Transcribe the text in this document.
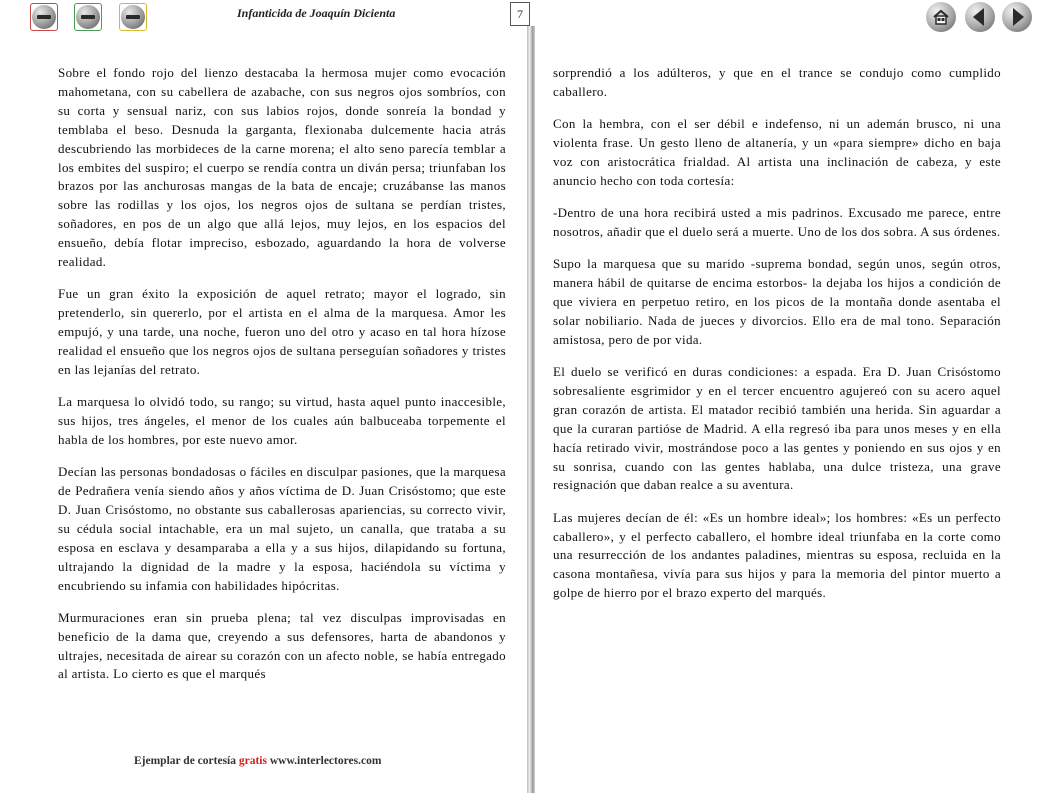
Infanticida de Joaquín Dicienta	7

Sobre el fondo rojo del lienzo destacaba la hermosa mujer como evocación mahometana, con su cabellera de azabache, con sus negros ojos sombríos, con su corta y sensual nariz, con sus labios rojos, donde sonreía la bondad y temblaba el beso. Desnuda la garganta, flexionaba dulcemente hacia atrás descubriendo las morbideces de la carne morena; el alto seno parecía temblar a los embites del suspiro; el cuerpo se rendía contra un diván persa; triunfaban los brazos por las anchurosas mangas de la bata de encaje; cruzábanse las manos sobre las rodillas y los ojos, los negros ojos de sultana se perdían tristes, soñadores, en pos de un algo que allá lejos, muy lejos, en los espacios del ensueño, debía flotar impreciso, esbozado, aguardando la hora de volverse realidad.

Fue un gran éxito la exposición de aquel retrato; mayor el logrado, sin pretenderlo, sin quererlo, por el artista en el alma de la marquesa. Amor les empujó, y una tarde, una noche, fueron uno del otro y acaso en tal hora hízose realidad el ensueño que los negros ojos de sultana perseguían soñadores y tristes en las lejanías del retrato.

La marquesa lo olvidó todo, su rango; su virtud, hasta aquel punto inaccesible, sus hijos, tres ángeles, el menor de los cuales aún balbuceaba torpemente el habla de los hombres, por este nuevo amor.

Decían las personas bondadosas o fáciles en disculpar pasiones, que la marquesa de Pedrañera venía siendo años y años víctima de D. Juan Crisóstomo; que este D. Juan Crisóstomo, no obstante sus caballerosas apariencias, su correcto vivir, su cédula social intachable, era un mal sujeto, un canalla, que trataba a su esposa en esclava y desamparaba a ella y a sus hijos, dilapidando su fortuna, ultrajando la dignidad de la madre y la esposa, haciéndola su víctima y encubriendo su infamia con habilidades hipócritas.

Murmuraciones eran sin prueba plena; tal vez disculpas improvisadas en beneficio de la dama que, creyendo a sus defensores, harta de abandonos y ultrajes, necesitada de airear su corazón con un afecto noble, se había entregado al artista. Lo cierto es que el marqués

sorprendió a los adúlteros, y que en el trance se condujo como cumplido caballero.

Con la hembra, con el ser débil e indefenso, ni un ademán brusco, ni una violenta frase. Un gesto lleno de altanería, y un «para siempre» dicho en baja voz con aristocrática frialdad. Al artista una inclinación de cabeza, y este anuncio hecho con toda cortesía:

-Dentro de una hora recibirá usted a mis padrinos. Excusado me parece, entre nosotros, añadir que el duelo será a muerte. Uno de los dos sobra. A sus órdenes.

Supo la marquesa que su marido -suprema bondad, según unos, según otros, manera hábil de quitarse de encima estorbos- la dejaba los hijos a condición de que viviera en perpetuo retiro, en los picos de la montaña donde asentaba el solar nobiliario. Nada de jueces y divorcios. Ello era de mal tono. Separación amistosa, pero de por vida.

El duelo se verificó en duras condiciones: a espada. Era D. Juan Crisóstomo sobresaliente esgrimidor y en el tercer encuentro agujereó con su acero aquel gran corazón de artista. El matador recibió también una herida. Sin aguardar a que la curaran partióse de Madrid. A ella regresó iba para unos meses y en ella hacía retirado vivir, mostrándose poco a las gentes y poniendo en sus ojos y en su sonrisa, cuando con las gentes hablaba, una dulce tristeza, una grave resignación que daban realce a su aventura.

Las mujeres decían de él: «Es un hombre ideal»; los hombres: «Es un perfecto caballero», y el perfecto caballero, el hombre ideal triunfaba en la corte como una resurrección de los andantes paladines, mientras su esposa, recluida en la casona montañesa, vivía para sus hijos y para la memoria del pintor muerto a golpe de hierro por el brazo experto del marqués.

Ejemplar de cortesía gratis www.interlectores.com
